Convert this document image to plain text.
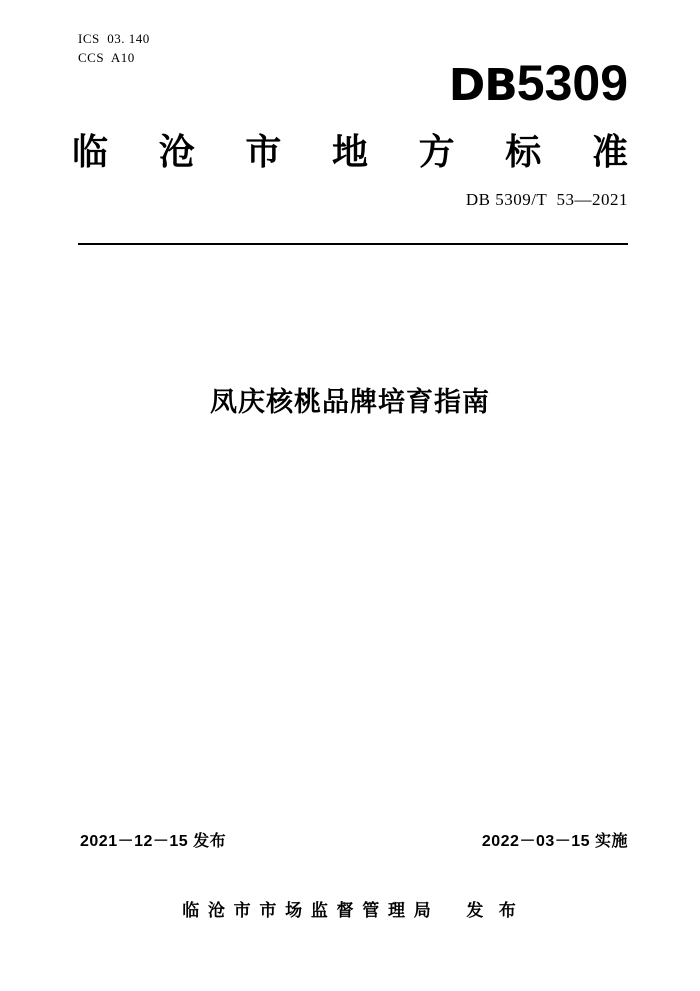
ICS  03. 140
CCS  A10
DB5309
临 沧 市 地 方 标 准
DB 5309/T  53—2021
凤庆核桃品牌培育指南
2021－12－15 发布	2022－03－15 实施
临 沧 市 市 场 监 督 管 理 局     发  布
